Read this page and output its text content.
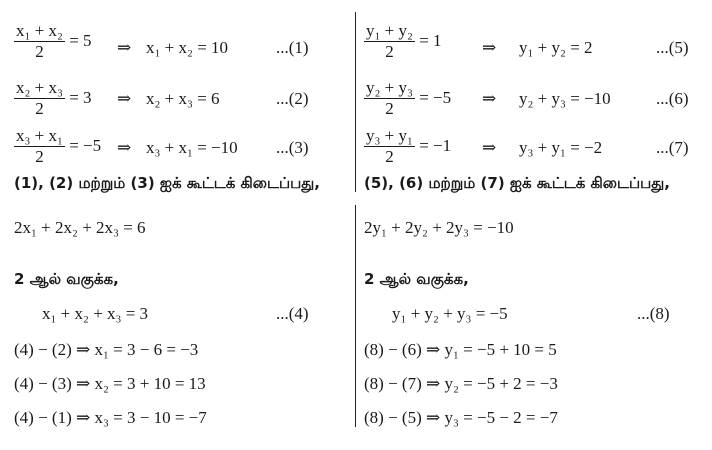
$\frac{\text{x₁ + x₂}}{2} = 5$ ⇒ x₁ + x₂ = 10	...(1)
$\frac{\text{x₂ + x₃}}{2} = 3$ ⇒ x₂ + x₃ = 6	...(2)
$\frac{\text{x₃ + x₁}}{2} = -5$ ⇒ x₃ + x₁ = −10 ...(3)
(1), (2) மற்றும் (3) ஐக் கூட்டக் கிடைப்பது,
2x₁ + 2x₂ + 2x₃ = 6
2 ஆல் வகுக்க,
x₁ + x₂ + x₃ = 3	...(4)
(4) − (2) ⇒ x₁ = 3 − 6 = −3
(4) − (3) ⇒ x₂ = 3 + 10 = 13
(4) − (1) ⇒ x₃ = 3 − 10 = −7
$\frac{\text{y₁ + y₂}}{2} = 1$ ⇒ y₁ + y₂ = 2	...(5)
$\frac{\text{y₂ + y₃}}{2} = -5$ ⇒ y₂ + y₃ = −10	...(6)
$\frac{\text{y₃ + y₁}}{2} = -1$ ⇒ y₃ + y₁ = −2	...(7)
(5), (6) மற்றும் (7) ஐக் கூட்டக் கிடைப்பது,
2y₁ + 2y₂ + 2y₃ = −10
2 ஆல் வகுக்க,
y₁ + y₂ + y₃ = −5	...(8)
(8) − (6) ⇒ y₁ = −5 + 10 = 5
(8) − (7) ⇒ y₂ = −5 + 2 = −3
(8) − (5) ⇒ y₃ = −5 − 2 = −7
